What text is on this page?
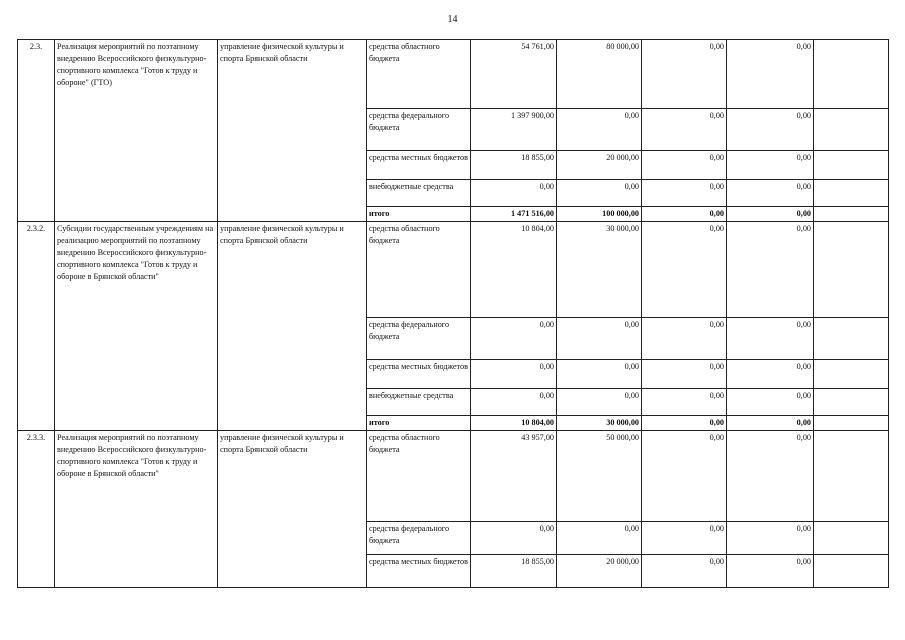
14
2.3.	Реализация мероприятий по поэтапному внедрению Всероссийского физкультурно-спортивного комплекса "Готов к труду и обороне" (ГТО)	управление физической культуры и спорта Брянской области	средства областного бюджета	54 761,00	80 000,00	0,00	0,00	
			средства федерального бюджета	1 397 900,00	0,00	0,00	0,00	
			средства местных бюджетов	18 855,00	20 000,00	0,00	0,00	
			внебюджетные средства	0,00	0,00	0,00	0,00	
			итого	1 471 516,00	100 000,00	0,00	0,00	
2.3.2.	Субсидии государственным учреждениям на реализацию мероприятий по поэтапному внедрению Всероссийского физкультурно-спортивного комплекса "Готов к труду и обороне в Брянской области"	управление физической культуры и спорта Брянской области	средства областного бюджета	10 804,00	30 000,00	0,00	0,00	
			средства федерального бюджета	0,00	0,00	0,00	0,00	
			средства местных бюджетов	0,00	0,00	0,00	0,00	
			внебюджетные средства	0,00	0,00	0,00	0,00	
			итого	10 804,00	30 000,00	0,00	0,00	
2.3.3.	Реализация мероприятий по поэтапному внедрению Всероссийского физкультурно-спортивного комплекса "Готов к труду и обороне в Брянской области"	управление физической культуры и спорта Брянской области	средства областного бюджета	43 957,00	50 000,00	0,00	0,00	
			средства федерального бюджета	0,00	0,00	0,00	0,00	
			средства местных бюджетов	18 855,00	20 000,00	0,00	0,00	
